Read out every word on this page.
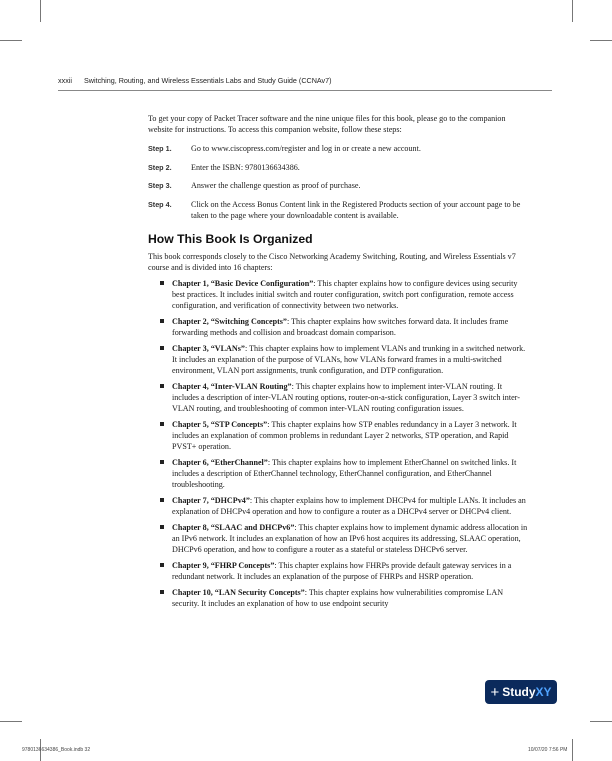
xxxii Switching, Routing, and Wireless Essentials Labs and Study Guide (CCNAv7)

To get your copy of Packet Tracer software and the nine unique files for this book, please go to the companion website for instructions. To access this companion website, follow these steps:

Step 1.	Go to www.ciscopress.com/register and log in or create a new account.
Step 2.	Enter the ISBN: 9780136634386.
Step 3.	Answer the challenge question as proof of purchase.
Step 4.	Click on the Access Bonus Content link in the Registered Products section of your account page to be taken to the page where your downloadable content is available.
How This Book Is Organized

This book corresponds closely to the Cisco Networking Academy Switching, Routing, and Wireless Essentials v7 course and is divided into 16 chapters:

Chapter 1, “Basic Device Configuration”: This chapter explains how to configure devices using security best practices. It includes initial switch and router configuration, switch port configuration, remote access configuration, and verification of connectivity between two networks.
Chapter 2, “Switching Concepts”: This chapter explains how switches forward data. It includes frame forwarding methods and collision and broadcast domain comparison.
Chapter 3, “VLANs”: This chapter explains how to implement VLANs and trunking in a switched network. It includes an explanation of the purpose of VLANs, how VLANs forward frames in a multi-switched environment, VLAN port assignments, trunk configuration, and DTP configuration.
Chapter 4, “Inter-VLAN Routing”: This chapter explains how to implement inter-VLAN routing. It includes a description of inter-VLAN routing options, router-on-a-stick configuration, Layer 3 switch inter-VLAN routing, and troubleshooting of common inter-VLAN routing configuration issues.
Chapter 5, “STP Concepts”: This chapter explains how STP enables redundancy in a Layer 3 network. It includes an explanation of common problems in redundant Layer 2 networks, STP operation, and Rapid PVST+ operation.
Chapter 6, “EtherChannel”: This chapter explains how to implement EtherChannel on switched links. It includes a description of EtherChannel technology, EtherChannel configuration, and EtherChannel troubleshooting.
Chapter 7, “DHCPv4”: This chapter explains how to implement DHCPv4 for multiple LANs. It includes an explanation of DHCPv4 operation and how to configure a router as a DHCPv4 server or DHCPv4 client.
Chapter 8, “SLAAC and DHCPv6”: This chapter explains how to implement dynamic address allocation in an IPv6 network. It includes an explanation of how an IPv6 host acquires its addressing, SLAAC operation, DHCPv6 operation, and how to configure a router as a stateful or stateless DHCPv6 server.
Chapter 9, “FHRP Concepts”: This chapter explains how FHRPs provide default gateway services in a redundant network. It includes an explanation of the purpose of FHRPs and HSRP operation.
Chapter 10, “LAN Security Concepts”: This chapter explains how vulnerabilities compromise LAN security. It includes an explanation of how to use endpoint security
+ StudyXY
9780136634386_Book.indb 32	10/07/20 7:56 PM
